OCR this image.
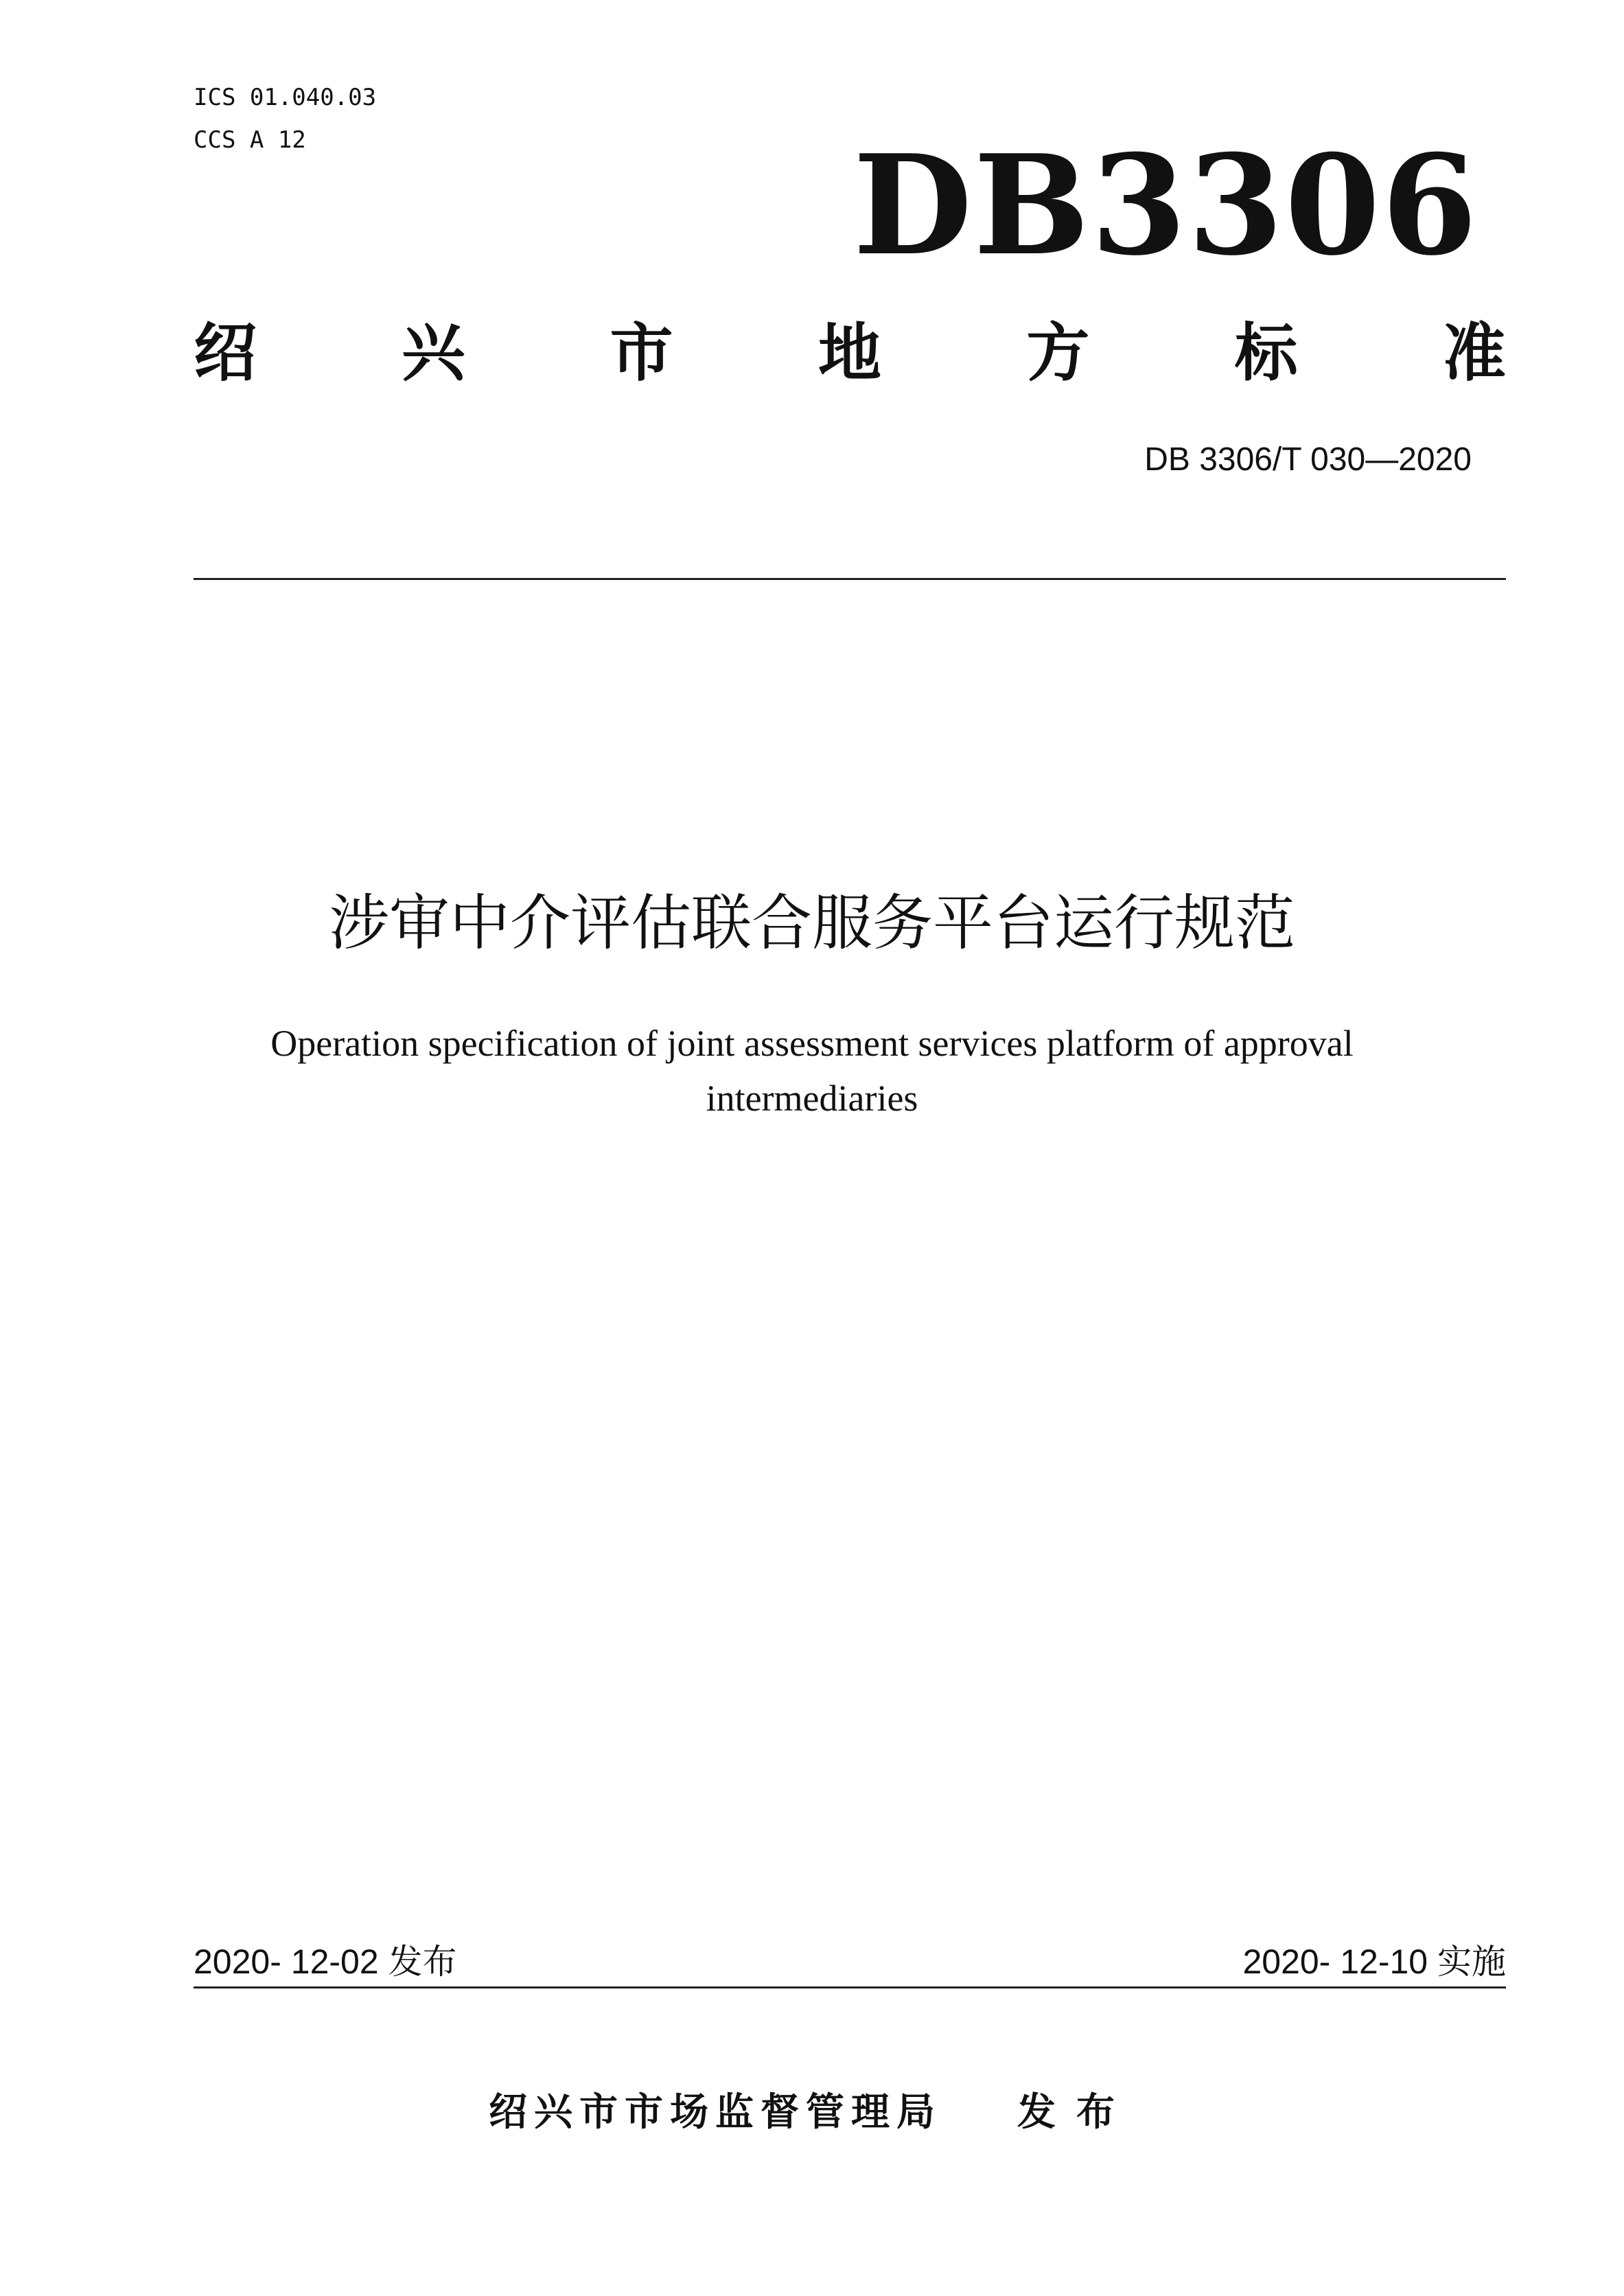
ICS 01.040.03
CCS A 12	DB3306
绍 兴 市 地 方 标 准
DB 3306/T 030—2020
涉审中介评估联合服务平台运行规范
Operation specification of joint assessment services platform of approval
intermediaries
2020- 12-02 发布	2020- 12-10 实施
绍兴市市场监督管理局 发布
